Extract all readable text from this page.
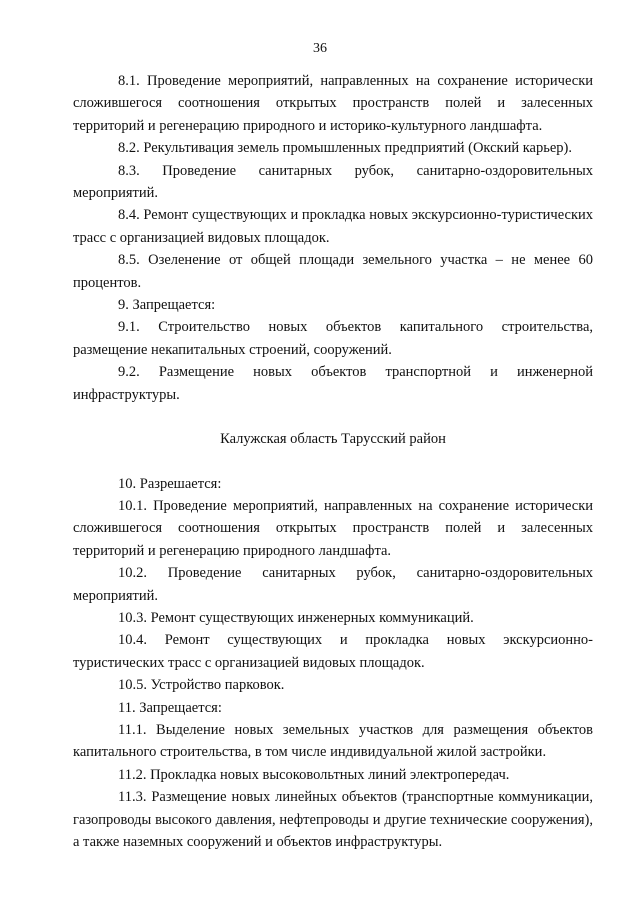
36

8.1. Проведение мероприятий, направленных на сохранение исторически сложившегося соотношения открытых пространств полей и залесенных территорий и регенерацию природного и историко-культурного ландшафта.

8.2. Рекультивация земель промышленных предприятий (Окский карьер).

8.3. Проведение санитарных рубок, санитарно-оздоровительных мероприятий.

8.4. Ремонт существующих и прокладка новых экскурсионно-туристических трасс с организацией видовых площадок.

8.5. Озеленение от общей площади земельного участка – не менее 60 процентов.

9. Запрещается:

9.1. Строительство новых объектов капитального строительства, размещение некапитальных строений, сооружений.

9.2. Размещение новых объектов транспортной и инженерной инфраструктуры.

Калужская область Тарусский район

10. Разрешается:

10.1. Проведение мероприятий, направленных на сохранение исторически сложившегося соотношения открытых пространств полей и залесенных территорий и регенерацию природного ландшафта.

10.2. Проведение санитарных рубок, санитарно-оздоровительных мероприятий.

10.3. Ремонт существующих инженерных коммуникаций.

10.4. Ремонт существующих и прокладка новых экскурсионно-туристических трасс с организацией видовых площадок.

10.5. Устройство парковок.

11. Запрещается:

11.1. Выделение новых земельных участков для размещения объектов капитального строительства, в том числе индивидуальной жилой застройки.

11.2. Прокладка новых высоковольтных линий электропередач.

11.3. Размещение новых линейных объектов (транспортные коммуникации, газопроводы высокого давления, нефтепроводы и другие технические сооружения), а также наземных сооружений и объектов инфраструктуры.
